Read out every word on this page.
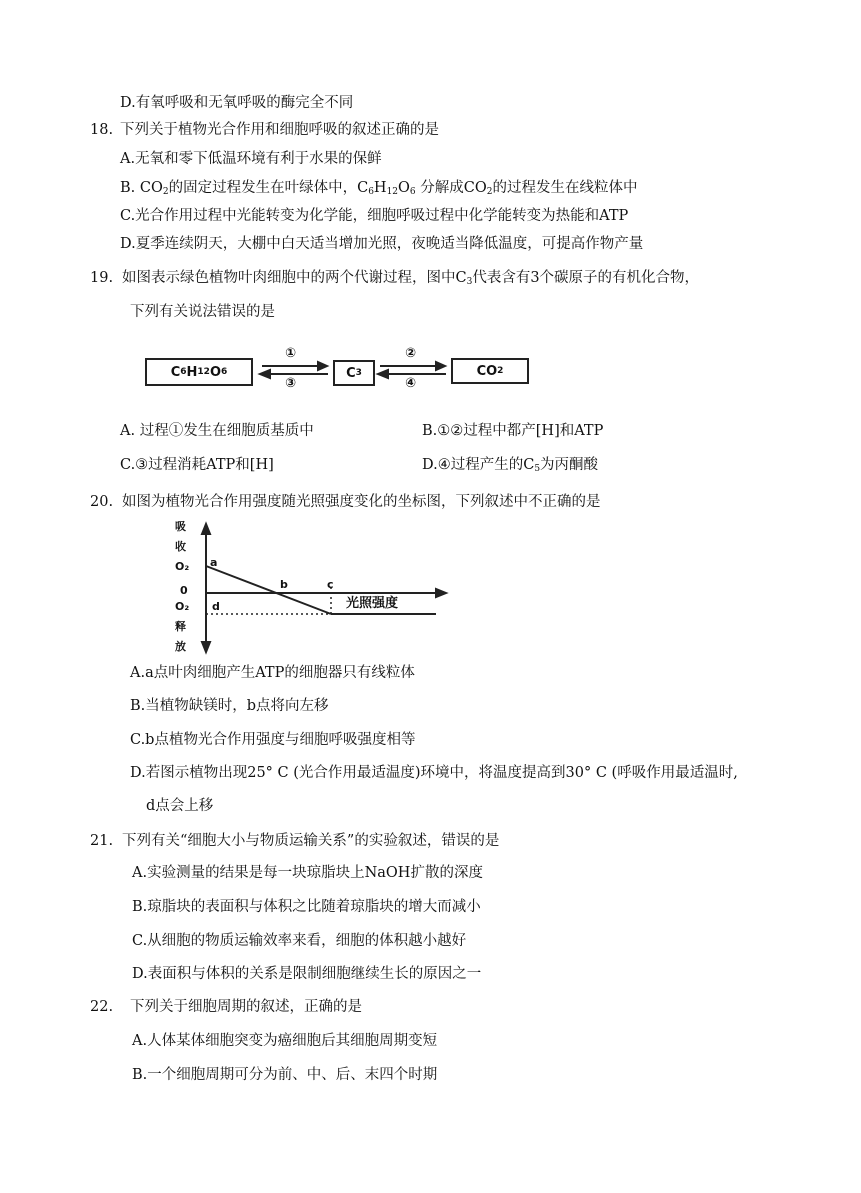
D.有氧呼吸和无氧呼吸的酶完全不同
18. 下列关于植物光合作用和细胞呼吸的叙述正确的是
A.无氧和零下低温环境有利于水果的保鲜
B. $CO_2$的固定过程发生在叶绿体中，$C_6H_{12}O_6$ 分解成$CO_2$的过程发生在线粒体中
C.光合作用过程中光能转变为化学能，细胞呼吸过程中化学能转变为热能和ATP
D.夏季连续阴天，大棚中白天适当增加光照，夜晚适当降低温度，可提高作物产量
19. 如图表示绿色植物叶肉细胞中的两个代谢过程，图中$C_3$代表含有3个碳原子的有机化合物，
下列有关说法错误的是
C 6 H 12 O 6	C 3	CO 2
①
③
②
④
A. 过程①发生在细胞质基质中	B.①②过程中都产[H]和ATP
C.③过程消耗ATP和[H]	D.④过程产生的$C_5$为丙酮酸
20. 如图为植物光合作用强度随光照强度变化的坐标图，下列叙述中不正确的是
吸
收
O₂
0
O₂
释
放
a
b	c
d	光照强度
A.a点叶肉细胞产生ATP的细胞器只有线粒体
B.当植物缺镁时，b点将向左移
C.b点植物光合作用强度与细胞呼吸强度相等
D.若图示植物出现25° C (光合作用最适温度)环境中，将温度提高到30° C (呼吸作用最适温时,
d点会上移
21. 下列有关“细胞大小与物质运输关系”的实验叙述，错误的是
A.实验测量的结果是每一块琼脂块上NaOH扩散的深度
B.琼脂块的表面积与体积之比随着琼脂块的增大而减小
C.从细胞的物质运输效率来看，细胞的体积越小越好
D.表面积与体积的关系是限制细胞继续生长的原因之一
22. 下列关于细胞周期的叙述，正确的是
A.人体某体细胞突变为癌细胞后其细胞周期变短
B.一个细胞周期可分为前、中、后、末四个时期
